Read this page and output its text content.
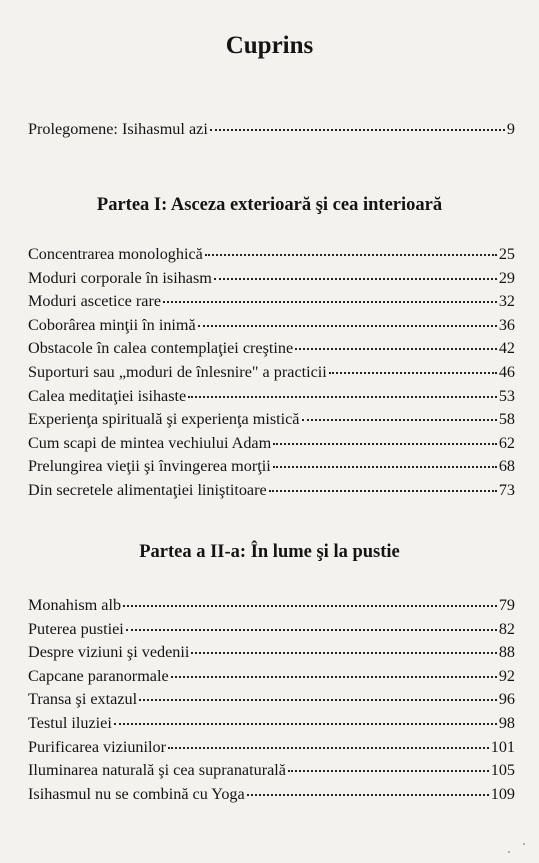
Cuprins
Prolegomene: Isihasmul azi	9
Partea I: Asceza exterioară şi cea interioară
Concentrarea monologhică	25
Moduri corporale în isihasm	29
Moduri ascetice rare	32
Coborârea minţii în inimă	36
Obstacole în calea contemplaţiei creştine	42
Suporturi sau „moduri de înlesnire" a practicii	46
Calea meditaţiei isihaste	53
Experienţa spirituală şi experienţa mistică	58
Cum scapi de mintea vechiului Adam	62
Prelungirea vieţii şi învingerea morţii	68
Din secretele alimentaţiei liniştitoare	73
Partea a II-a: În lume şi la pustie
Monahism alb	79
Puterea pustiei	82
Despre viziuni şi vedenii	88
Capcane paranormale	92
Transa şi extazul	96
Testul iluziei	98
Purificarea viziunilor	101
Iluminarea naturală şi cea supranaturală	105
Isihasmul nu se combină cu Yoga	109
